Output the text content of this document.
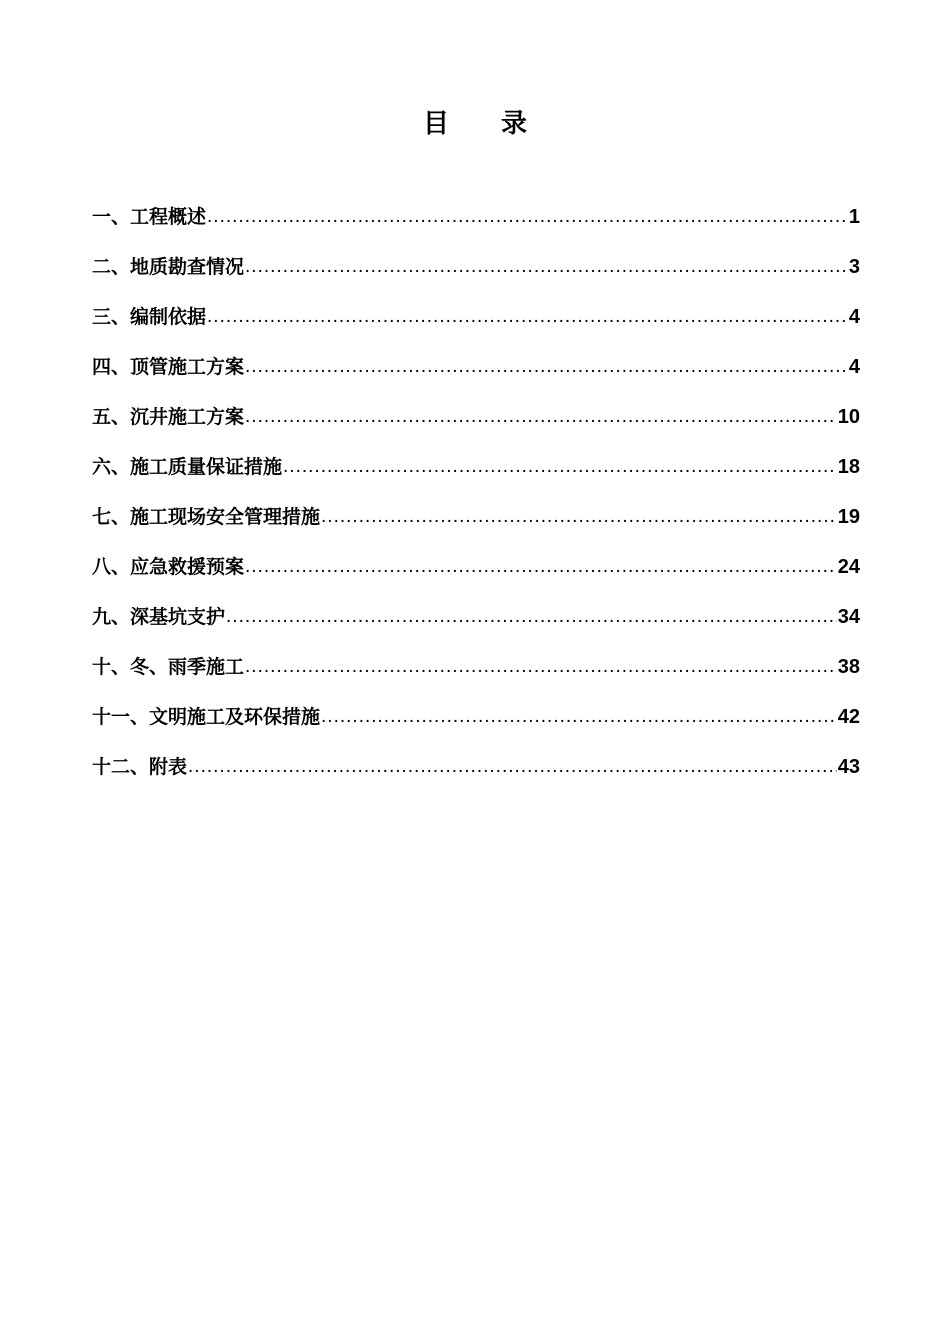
目 录
一、工程概述 .....	1
二、地质勘查情况 .....	3
三、编制依据 .....	4
四、顶管施工方案 .....	4
五、沉井施工方案 .....	10
六、施工质量保证措施 .....	18
七、施工现场安全管理措施 .....	19
八、应急救援预案 .....	24
九、深基坑支护 .....	34
十、冬、雨季施工 .....	38
十一、文明施工及环保措施 .....	42
十二、附表 .....	43
